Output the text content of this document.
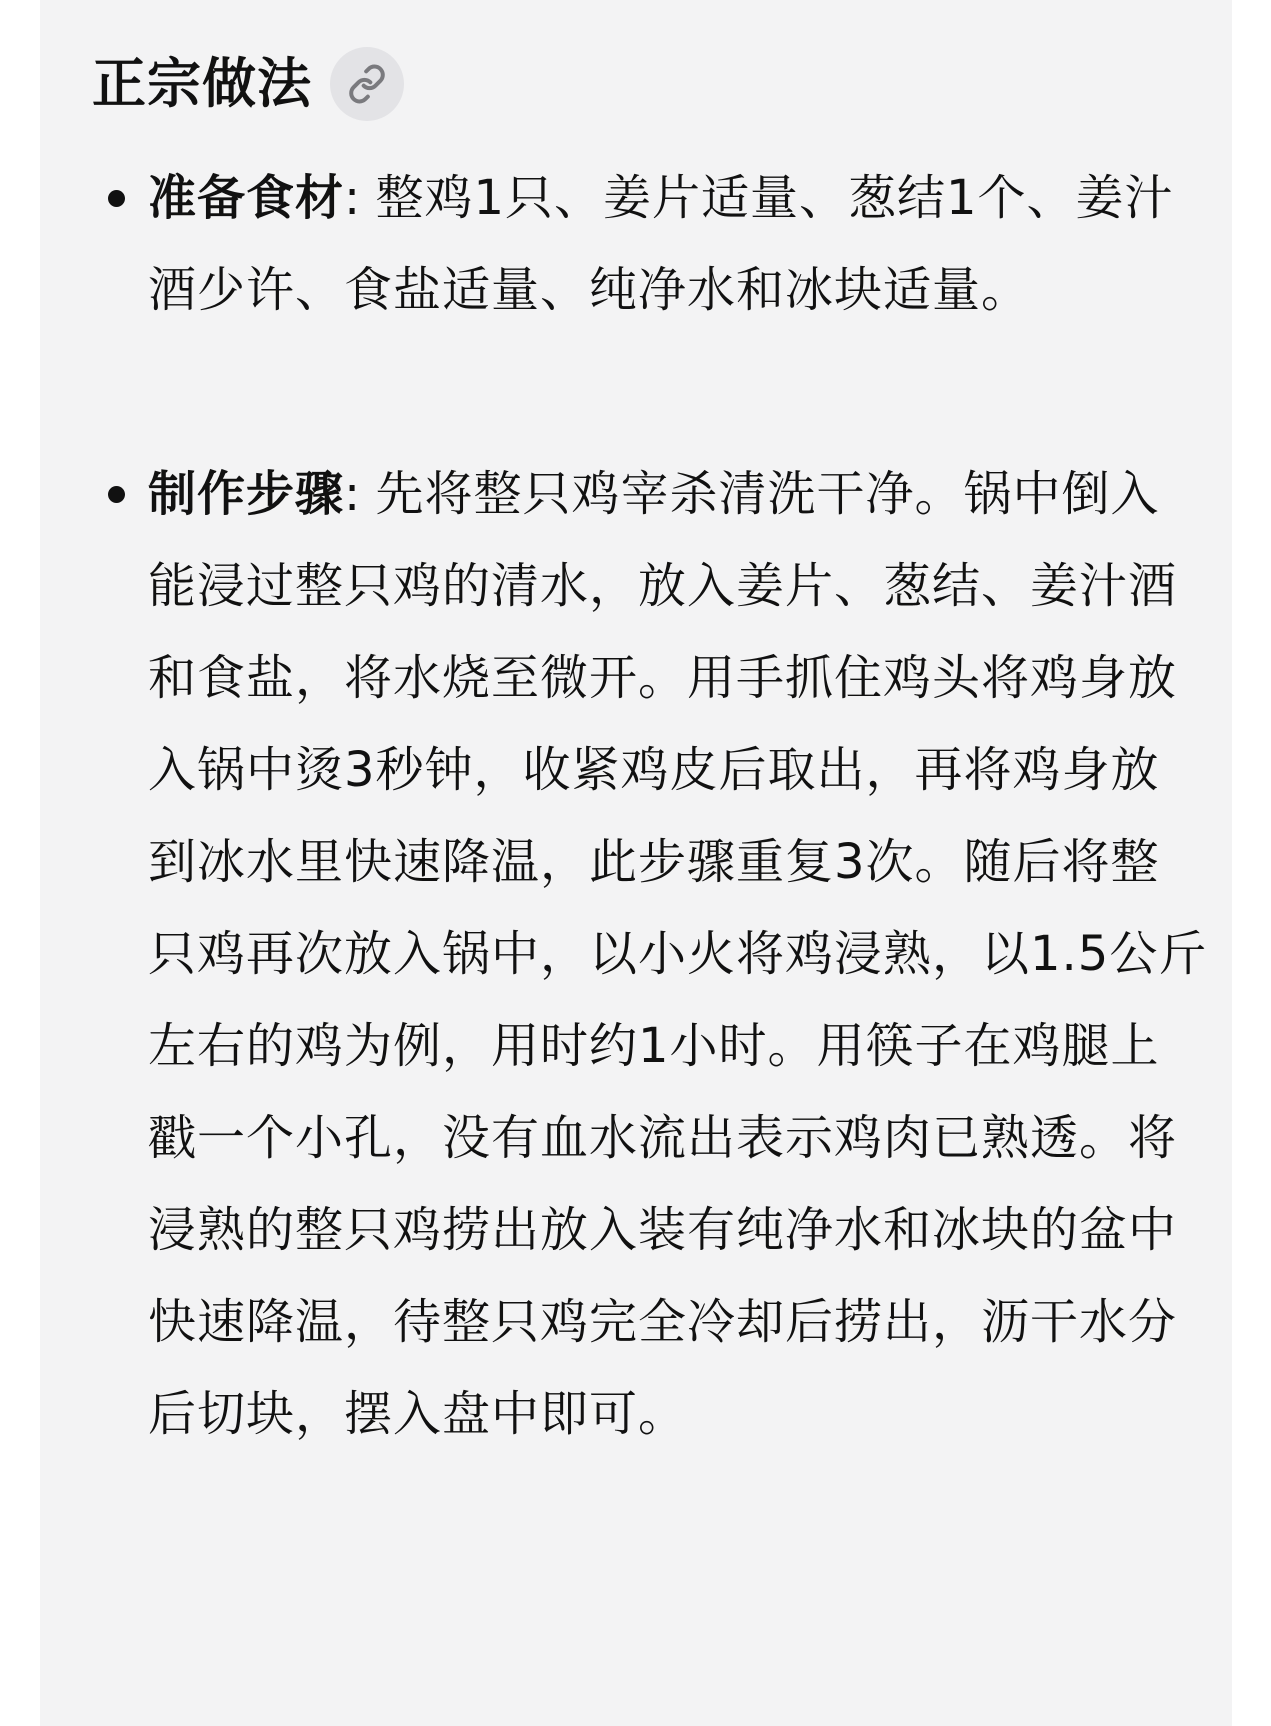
正宗做法
准备食材: 整鸡1只、姜片适量、葱结1个、姜汁酒少许、食盐适量、纯净水和冰块适量。
制作步骤: 先将整只鸡宰杀清洗干净。锅中倒入能浸过整只鸡的清水，放入姜片、葱结、姜汁酒和食盐，将水烧至微开。用手抓住鸡头将鸡身放入锅中烫3秒钟，收紧鸡皮后取出，再将鸡身放到冰水里快速降温，此步骤重复3次。随后将整只鸡再次放入锅中，以小火将鸡浸熟，以1.5公斤左右的鸡为例，用时约1小时。用筷子在鸡腿上戳一个小孔，没有血水流出表示鸡肉已熟透。将浸熟的整只鸡捞出放入装有纯净水和冰块的盆中快速降温，待整只鸡完全冷却后捞出，沥干水分后切块，摆入盘中即可。
